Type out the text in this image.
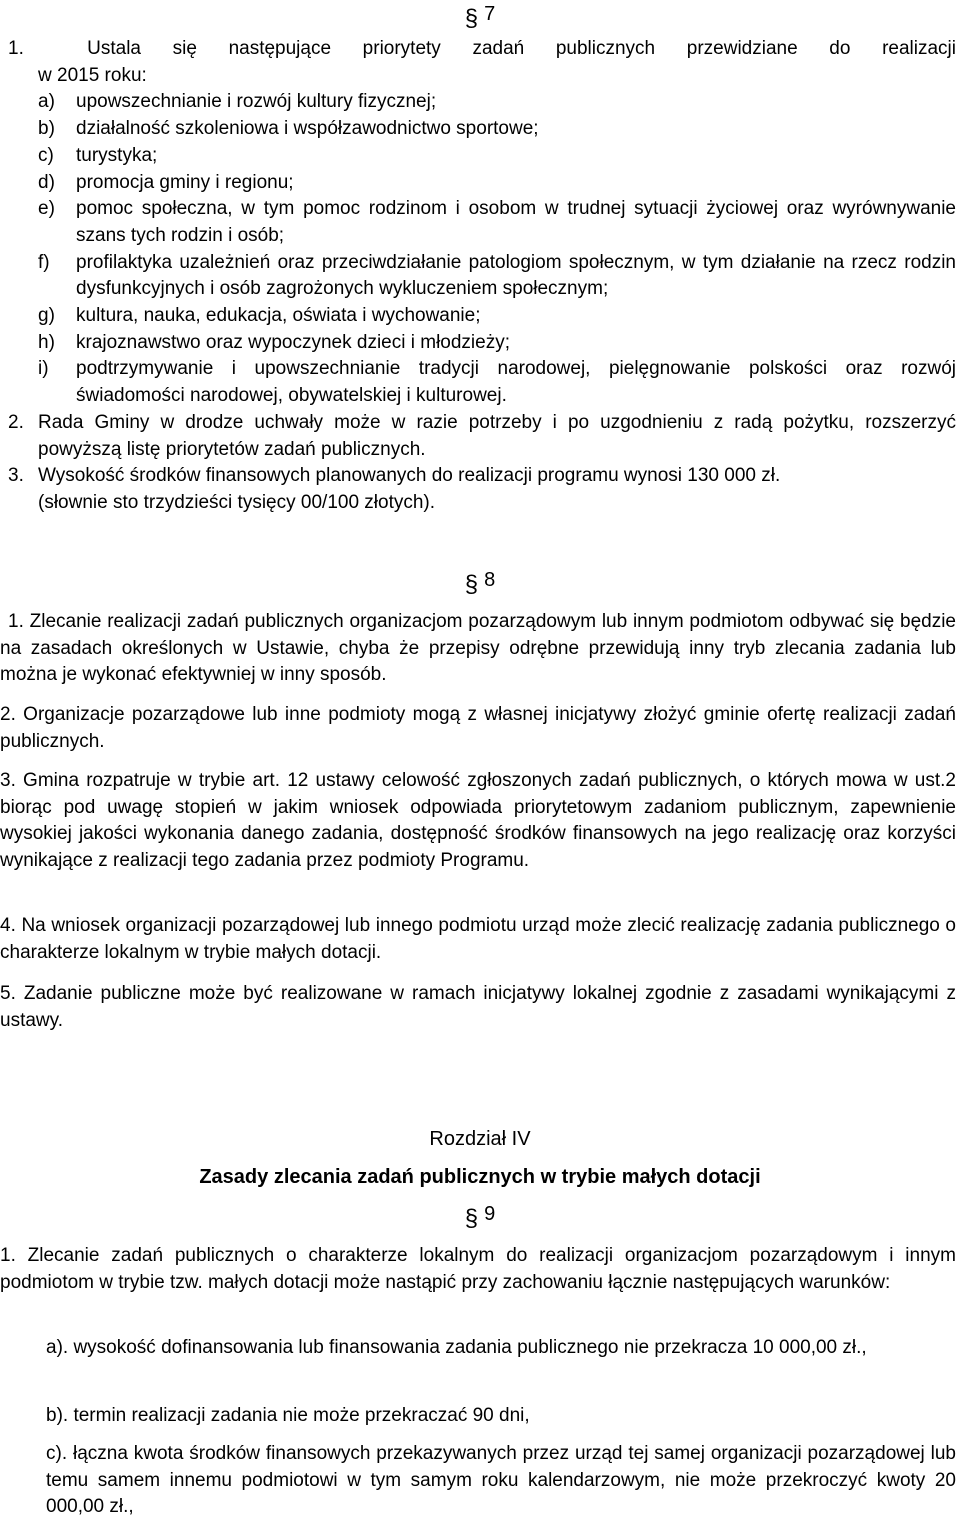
§ 7
1.	Ustala się następujące priorytety zadań publicznych przewidziane do realizacji
w 2015 roku:
a) upowszechnianie i rozwój kultury fizycznej;
b) działalność szkoleniowa i współzawodnictwo sportowe;
c) turystyka;
d) promocja gminy i regionu;
e) pomoc społeczna, w tym pomoc rodzinom i osobom w trudnej sytuacji życiowej oraz wyrównywanie szans tych rodzin i osób;
f) profilaktyka uzależnień oraz przeciwdziałanie patologiom społecznym, w tym działanie na rzecz rodzin dysfunkcyjnych i osób zagrożonych wykluczeniem społecznym;
g) kultura, nauka, edukacja, oświata i wychowanie;
h) krajoznawstwo oraz wypoczynek dzieci i młodzieży;
i) podtrzymywanie i upowszechnianie tradycji narodowej, pielęgnowanie polskości oraz rozwój świadomości narodowej, obywatelskiej i kulturowej.
2. Rada Gminy w drodze uchwały może w razie potrzeby i po uzgodnieniu z radą pożytku, rozszerzyć powyższą listę priorytetów zadań publicznych.
3. Wysokość środków finansowych planowanych do realizacji programu wynosi 130 000 zł.
(słownie sto trzydzieści tysięcy 00/100 złotych).
§ 8
1. Zlecanie realizacji zadań publicznych organizacjom pozarządowym lub innym podmiotom odbywać się będzie na zasadach określonych w Ustawie, chyba że przepisy odrębne przewidują inny tryb zlecania zadania lub można je wykonać efektywniej w inny sposób.
2. Organizacje pozarządowe lub inne podmioty mogą z własnej inicjatywy złożyć gminie ofertę realizacji zadań publicznych.
3. Gmina rozpatruje w trybie art. 12 ustawy celowość zgłoszonych zadań publicznych, o których mowa w ust.2 biorąc pod uwagę stopień w jakim wniosek odpowiada priorytetowym zadaniom publicznym, zapewnienie wysokiej jakości wykonania danego zadania, dostępność środków finansowych na jego realizację oraz korzyści wynikające z realizacji tego zadania przez podmioty Programu.
4. Na wniosek organizacji pozarządowej lub innego podmiotu urząd może zlecić realizację zadania publicznego o charakterze lokalnym w trybie małych dotacji.
5. Zadanie publiczne może być realizowane w ramach inicjatywy lokalnej zgodnie z zasadami wynikającymi z ustawy.
Rozdział IV
Zasady zlecania zadań publicznych w trybie małych dotacji
§ 9
1. Zlecanie zadań publicznych o charakterze lokalnym do realizacji organizacjom pozarządowym i innym podmiotom w trybie tzw. małych dotacji może nastąpić przy zachowaniu łącznie następujących warunków:
a). wysokość dofinansowania lub finansowania zadania publicznego nie przekracza 10 000,00 zł.,
b). termin realizacji zadania nie może przekraczać 90 dni,
c). łączna kwota środków finansowych przekazywanych przez urząd tej samej organizacji pozarządowej lub temu samem innemu podmiotowi w tym samym roku kalendarzowym, nie może przekroczyć kwoty 20 000,00 zł.,
